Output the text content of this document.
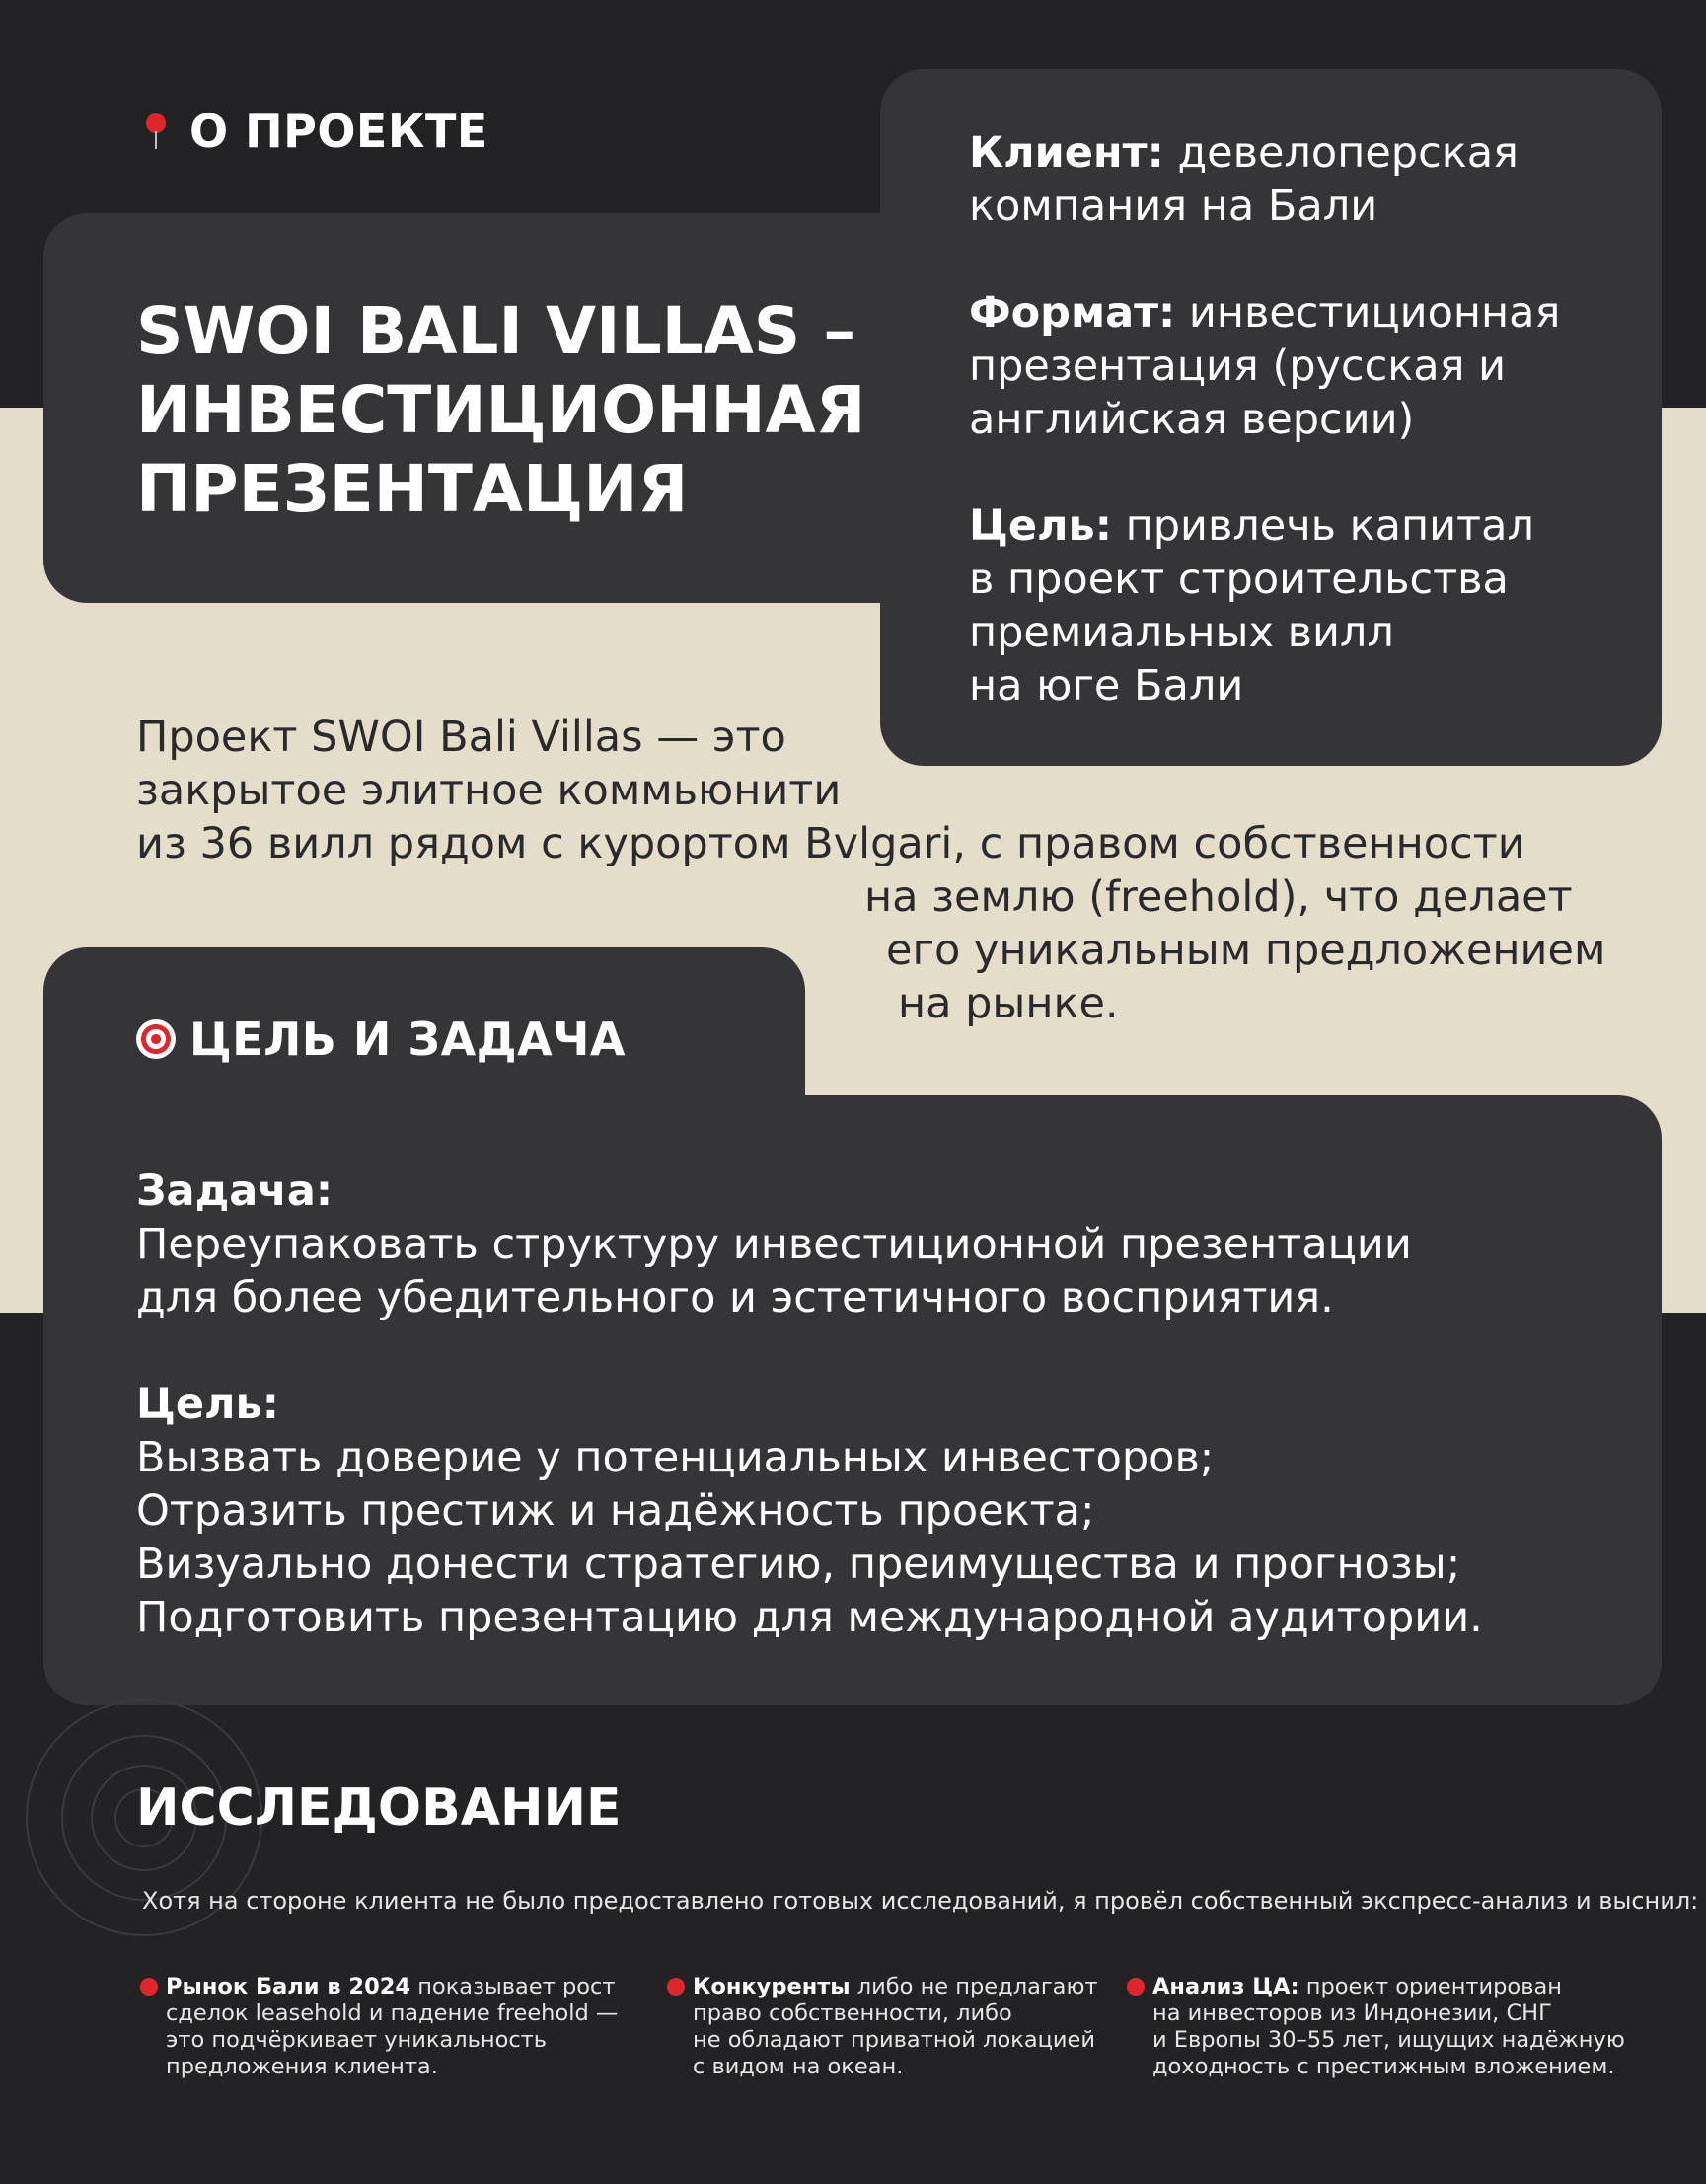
О ПРОЕКТЕ
SWOI BALI VILLAS –
ИНВЕСТИЦИОННАЯ
ПРЕЗЕНТАЦИЯ
Клиент: девелоперская
компания на Бали
Формат: инвестиционная
презентация (русская и
английская версии)
Цель: привлечь капитал
в проект строительства
премиальных вилл
на юге Бали
Проект SWOI Bali Villas — это
закрытое элитное коммьюнити
из 36 вилл рядом с курортом Bvlgari, с правом собственности
на землю (freehold), что делает
его уникальным предложением
на рынке.
ЦЕЛЬ И ЗАДАЧА
Задача:
Переупаковать структуру инвестиционной презентации
для более убедительного и эстетичного восприятия.
Цель:
Вызвать доверие у потенциальных инвесторов;
Отразить престиж и надёжность проекта;
Визуально донести стратегию, преимущества и прогнозы;
Подготовить презентацию для международной аудитории.
ИССЛЕДОВАНИЕ
Хотя на стороне клиента не было предоставлено готовых исследований, я провёл собственный экспресс-анализ и выснил:
Рынок Бали в 2024 показывает рост
сделок leasehold и падение freehold —
это подчёркивает уникальность
предложения клиента.
Конкуренты либо не предлагают
право собственности, либо
не обладают приватной локацией
с видом на океан.
Анализ ЦА: проект ориентирован
на инвесторов из Индонезии, СНГ
и Европы 30–55 лет, ищущих надёжную
доходность с престижным вложением.
